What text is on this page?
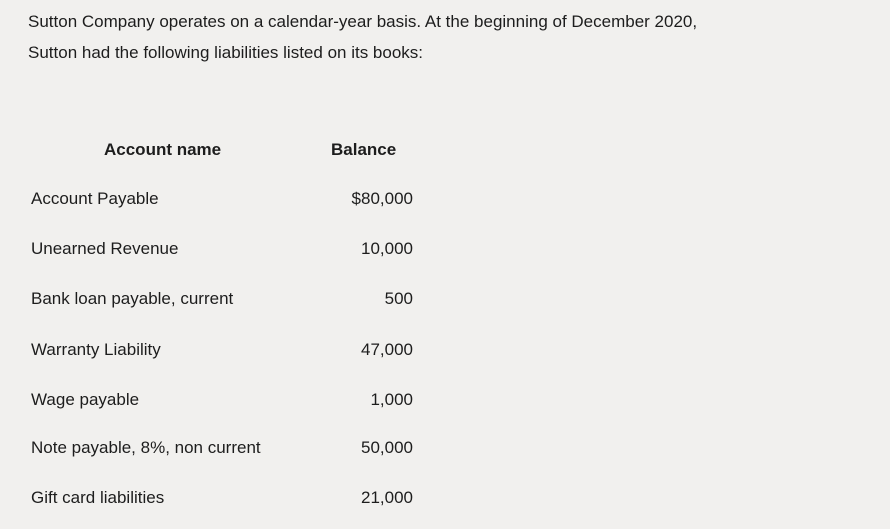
Sutton Company operates on a calendar-year basis. At the beginning of December 2020,
Sutton had the following liabilities listed on its books:

Account name	Balance
Account Payable	$80,000
Unearned Revenue	10,000
Bank loan payable, current	500
Warranty Liability	47,000
Wage payable	1,000
Note payable, 8%, non current	50,000
Gift card liabilities	21,000
